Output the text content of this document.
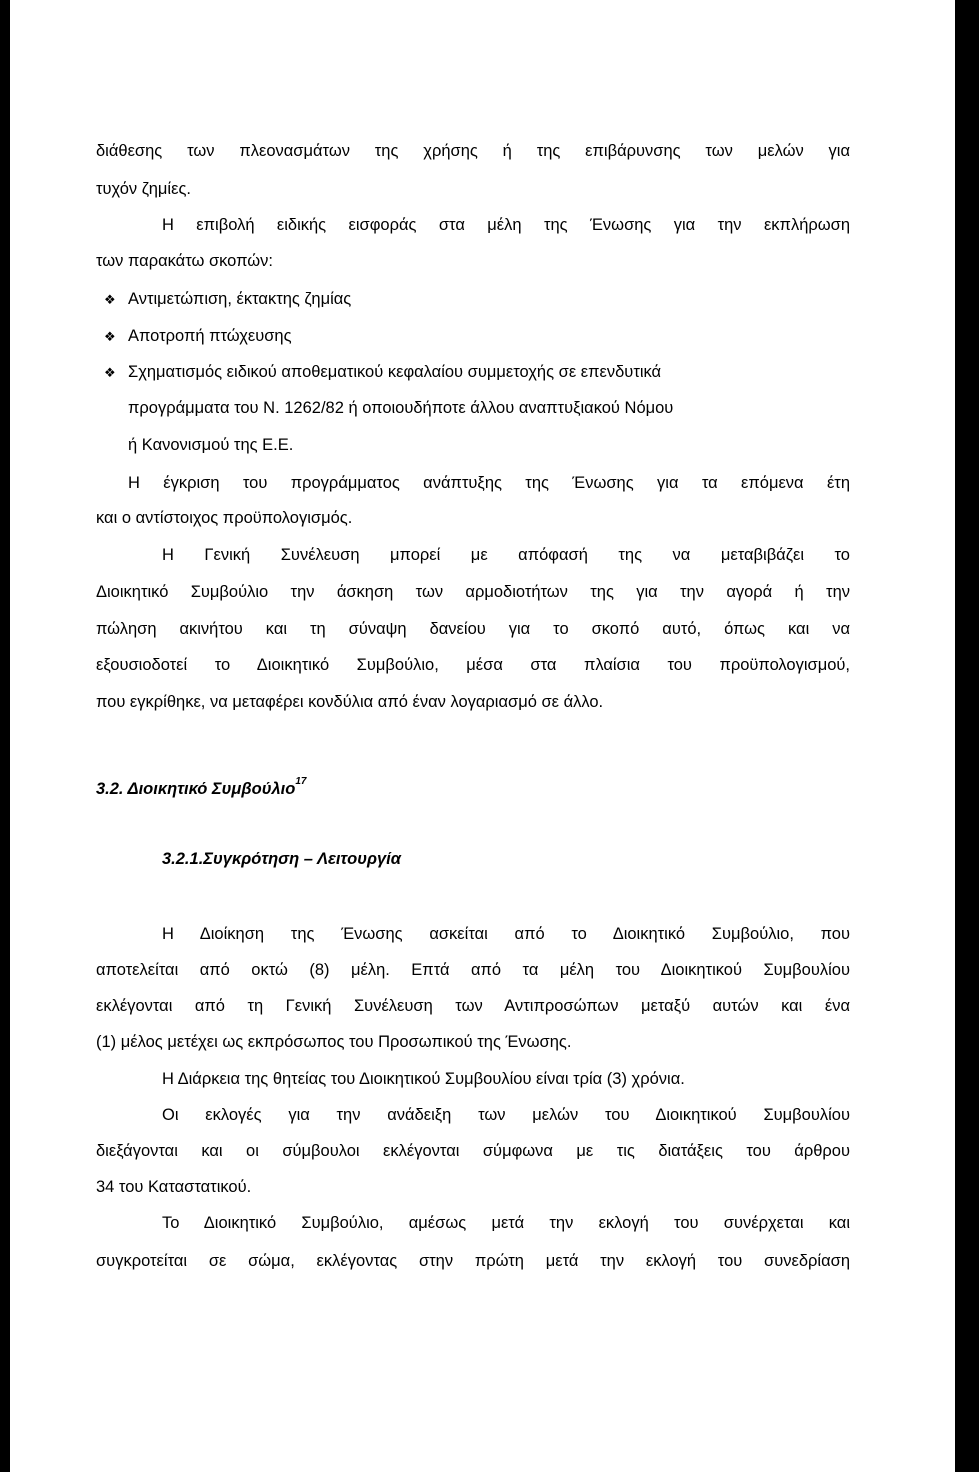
διάθεσης των πλεονασμάτων της χρήσης ή της επιβάρυνσης των μελών για
τυχόν ζημίες.
Η επιβολή ειδικής εισφοράς στα μέλη της Ένωσης για την εκπλήρωση
των παρακάτω σκοπών:
❖ Αντιμετώπιση, έκτακτης ζημίας
❖ Αποτροπή πτώχευσης
❖ Σχηματισμός ειδικού αποθεματικού κεφαλαίου συμμετοχής σε επενδυτικά
προγράμματα του Ν. 1262/82 ή οποιουδήποτε άλλου αναπτυξιακού Νόμου
ή Κανονισμού της Ε.Ε.
Η έγκριση του προγράμματος ανάπτυξης της Ένωσης για τα επόμενα έτη
και ο αντίστοιχος προϋπολογισμός.
Η Γενική Συνέλευση μπορεί με απόφασή της να μεταβιβάζει το
Διοικητικό Συμβούλιο την άσκηση των αρμοδιοτήτων της για την αγορά ή την
πώληση ακινήτου και τη σύναψη δανείου για το σκοπό αυτό, όπως και να
εξουσιοδοτεί το Διοικητικό Συμβούλιο, μέσα στα πλαίσια του προϋπολογισμού,
που εγκρίθηκε, να μεταφέρει κονδύλια από έναν λογαριασμό σε άλλο.
3.2. Διοικητικό Συμβούλιο$^{17}$
3.2.1.Συγκρότηση – Λειτουργία
Η Διοίκηση της Ένωσης ασκείται από το Διοικητικό Συμβούλιο, που
αποτελείται από οκτώ (8) μέλη. Επτά από τα μέλη του Διοικητικού Συμβουλίου
εκλέγονται από τη Γενική Συνέλευση των Αντιπροσώπων μεταξύ αυτών και ένα
(1) μέλος μετέχει ως εκπρόσωπος του Προσωπικού της Ένωσης.
Η Διάρκεια της θητείας του Διοικητικού Συμβουλίου είναι τρία (3) χρόνια.
Οι εκλογές για την ανάδειξη των μελών του Διοικητικού Συμβουλίου
διεξάγονται και οι σύμβουλοι εκλέγονται σύμφωνα με τις διατάξεις του άρθρου
34 του Καταστατικού.
Το Διοικητικό Συμβούλιο, αμέσως μετά την εκλογή του συνέρχεται και
συγκροτείται σε σώμα, εκλέγοντας στην πρώτη μετά την εκλογή του συνεδρίαση
